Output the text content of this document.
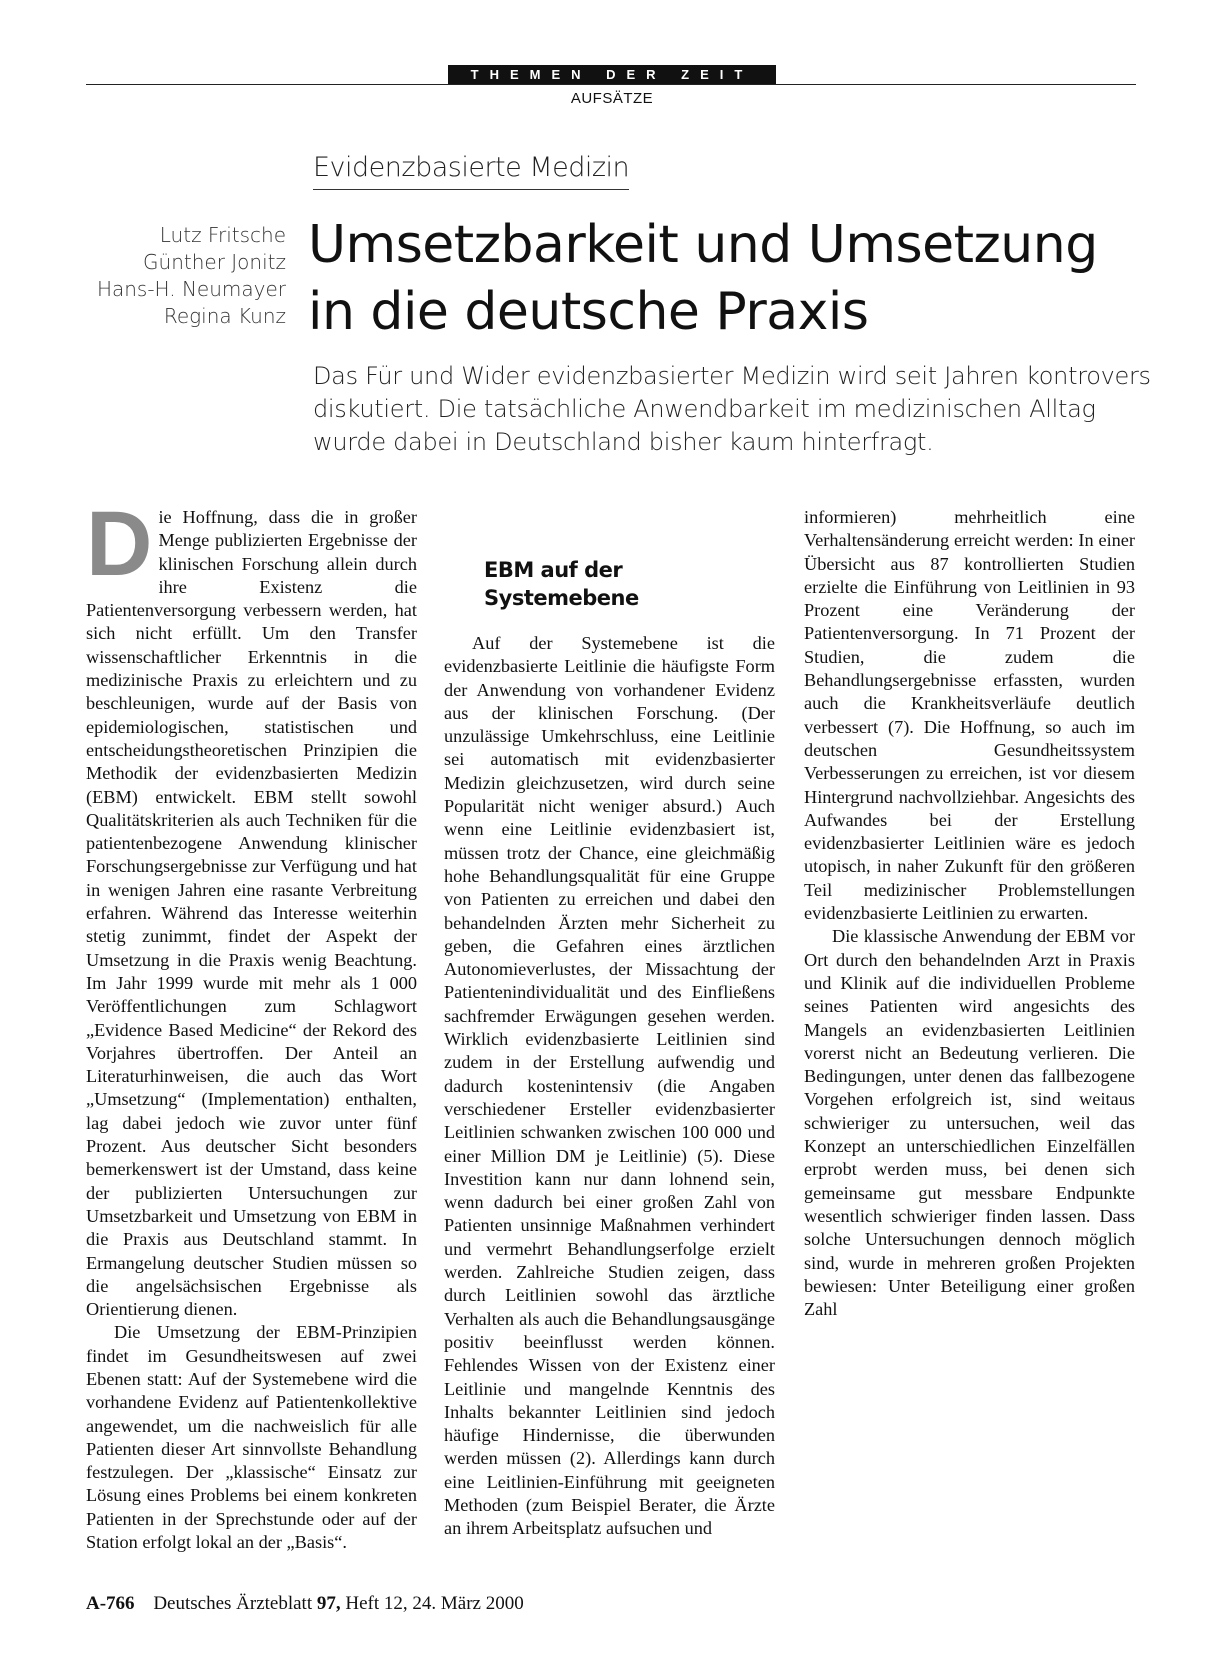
THEMEN DER ZEIT
AUFSÄTZE
Evidenzbasierte Medizin
Lutz Fritsche
Günther Jonitz
Hans-H. Neumayer
Regina Kunz
Umsetzbarkeit und Umsetzung
in die deutsche Praxis

Das Für und Wider evidenzbasierter Medizin wird seit Jahren kontrovers diskutiert. Die tatsächliche Anwendbarkeit im medizinischen Alltag wurde dabei in Deutschland bisher kaum hinterfragt.

Die Hoffnung, dass die in großer Menge publizierten Ergebnisse der klinischen Forschung allein durch ihre Existenz die Patientenversorgung verbessern werden, hat sich nicht erfüllt. Um den Transfer wissenschaftlicher Erkenntnis in die medizinische Praxis zu erleichtern und zu beschleunigen, wurde auf der Basis von epidemiologischen, statistischen und entscheidungstheoretischen Prinzipien die Methodik der evidenzbasierten Medizin (EBM) entwickelt. EBM stellt sowohl Qualitätskriterien als auch Techniken für die patientenbezogene Anwendung klinischer Forschungsergebnisse zur Verfügung und hat in wenigen Jahren eine rasante Verbreitung erfahren. Während das Interesse weiterhin stetig zunimmt, findet der Aspekt der Umsetzung in die Praxis wenig Beachtung. Im Jahr 1999 wurde mit mehr als 1 000 Veröffentlichungen zum Schlagwort „Evidence Based Medicine“ der Rekord des Vorjahres übertroffen. Der Anteil an Literaturhinweisen, die auch das Wort „Umsetzung“ (Implementation) enthalten, lag dabei jedoch wie zuvor unter fünf Prozent. Aus deutscher Sicht besonders bemerkenswert ist der Umstand, dass keine der publizierten Untersuchungen zur Umsetzbarkeit und Umsetzung von EBM in die Praxis aus Deutschland stammt. In Ermangelung deutscher Studien müssen so die angelsächsischen Ergebnisse als Orientierung dienen.

Die Umsetzung der EBM-Prinzipien findet im Gesundheitswesen auf zwei Ebenen statt: Auf der Systemebene wird die vorhandene Evidenz auf Patientenkollektive angewendet, um die nachweislich für alle Patienten dieser Art sinnvollste Behandlung festzulegen. Der „klassische“ Einsatz zur Lösung eines Problems bei einem konkreten Patienten in der Sprechstunde oder auf der Station erfolgt lokal an der „Basis“.

EBM auf der
Systemebene

Auf der Systemebene ist die evidenzbasierte Leitlinie die häufigste Form der Anwendung von vorhandener Evidenz aus der klinischen Forschung. (Der unzulässige Umkehrschluss, eine Leitlinie sei automatisch mit evidenzbasierter Medizin gleichzusetzen, wird durch seine Popularität nicht weniger absurd.) Auch wenn eine Leitlinie evidenzbasiert ist, müssen trotz der Chance, eine gleichmäßig hohe Behandlungsqualität für eine Gruppe von Patienten zu erreichen und dabei den behandelnden Ärzten mehr Sicherheit zu geben, die Gefahren eines ärztlichen Autonomieverlustes, der Missachtung der Patientenindividualität und des Einfließens sachfremder Erwägungen gesehen werden. Wirklich evidenzbasierte Leitlinien sind zudem in der Erstellung aufwendig und dadurch kostenintensiv (die Angaben verschiedener Ersteller evidenzbasierter Leitlinien schwanken zwischen 100 000 und einer Million DM je Leitlinie) (5). Diese Investition kann nur dann lohnend sein, wenn dadurch bei einer großen Zahl von Patienten unsinnige Maßnahmen verhindert und vermehrt Behandlungserfolge erzielt werden. Zahlreiche Studien zeigen, dass durch Leitlinien sowohl das ärztliche Verhalten als auch die Behandlungsausgänge positiv beeinflusst werden können. Fehlendes Wissen von der Existenz einer Leitlinie und mangelnde Kenntnis des Inhalts bekannter Leitlinien sind jedoch häufige Hindernisse, die überwunden werden müssen (2). Allerdings kann durch eine Leitlinien-Einführung mit geeigneten Methoden (zum Beispiel Berater, die Ärzte an ihrem Arbeitsplatz aufsuchen und

informieren) mehrheitlich eine Verhaltensänderung erreicht werden: In einer Übersicht aus 87 kontrollierten Studien erzielte die Einführung von Leitlinien in 93 Prozent eine Veränderung der Patientenversorgung. In 71 Prozent der Studien, die zudem die Behandlungsergebnisse erfassten, wurden auch die Krankheitsverläufe deutlich verbessert (7). Die Hoffnung, so auch im deutschen Gesundheitssystem Verbesserungen zu erreichen, ist vor diesem Hintergrund nachvollziehbar. Angesichts des Aufwandes bei der Erstellung evidenzbasierter Leitlinien wäre es jedoch utopisch, in naher Zukunft für den größeren Teil medizinischer Problemstellungen evidenzbasierte Leitlinien zu erwarten.

Die klassische Anwendung der EBM vor Ort durch den behandelnden Arzt in Praxis und Klinik auf die individuellen Probleme seines Patienten wird angesichts des Mangels an evidenzbasierten Leitlinien vorerst nicht an Bedeutung verlieren. Die Bedingungen, unter denen das fallbezogene Vorgehen erfolgreich ist, sind weitaus schwieriger zu untersuchen, weil das Konzept an unterschiedlichen Einzelfällen erprobt werden muss, bei denen sich gemeinsame gut messbare Endpunkte wesentlich schwieriger finden lassen. Dass solche Untersuchungen dennoch möglich sind, wurde in mehreren großen Projekten bewiesen: Unter Beteiligung einer großen Zahl

A-766 Deutsches Ärzteblatt 97, Heft 12, 24. März 2000
